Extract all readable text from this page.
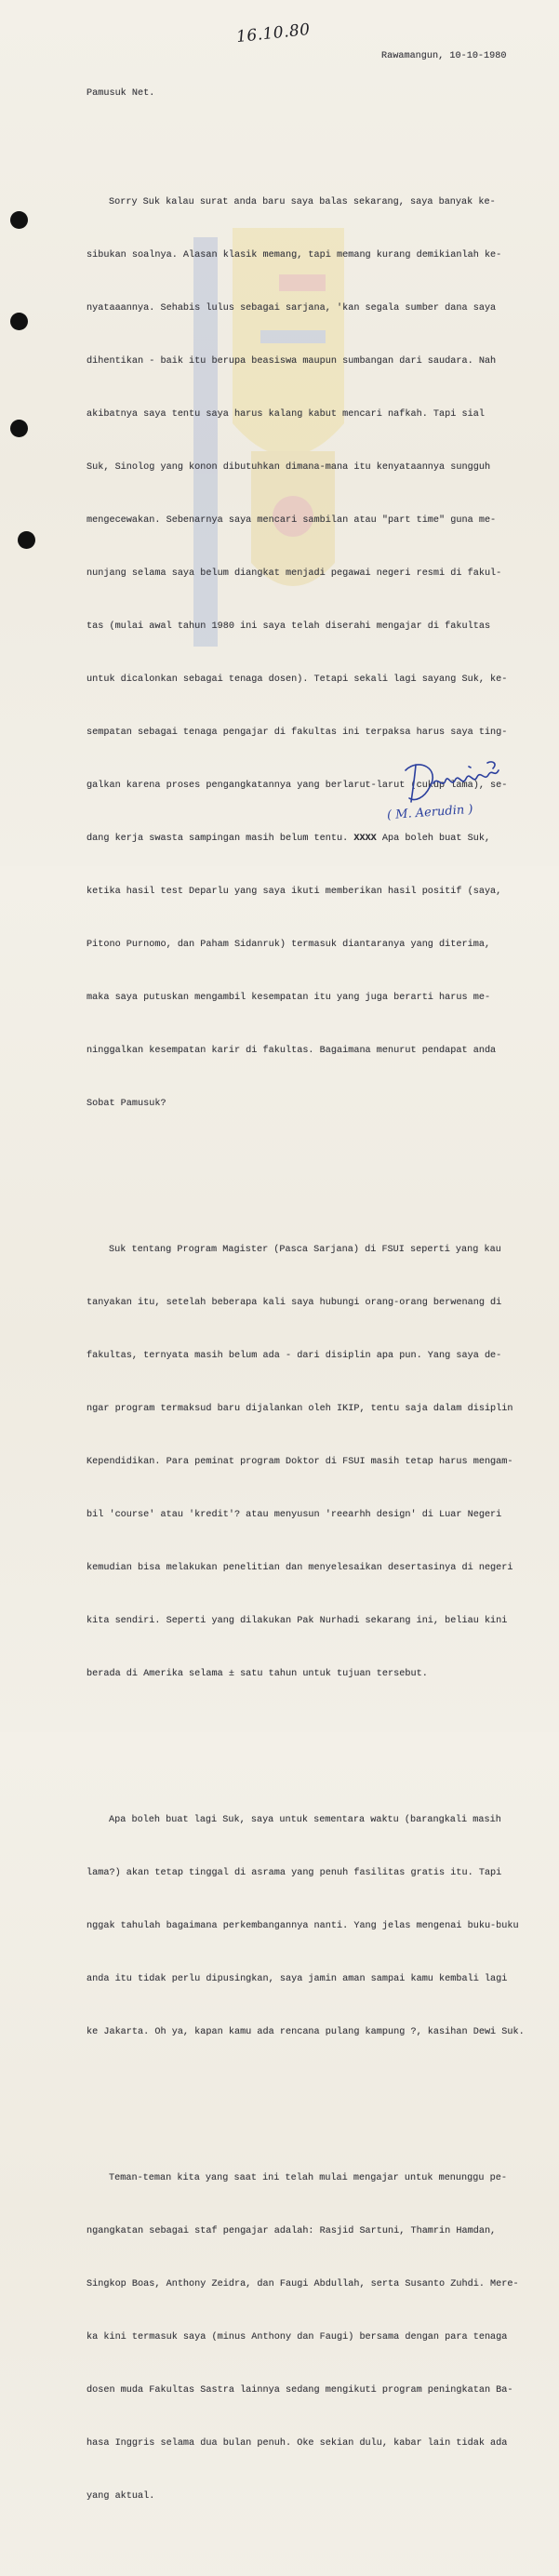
16.10.80
Rawamangun, 10-10-1980
Pamusuk Net.

Sorry Suk kalau surat anda baru saya balas sekarang, saya banyak ke-

sibukan soalnya. Alasan klasik memang, tapi memang kurang demikianlah ke-

nyataaannya. Sehabis lulus sebagai sarjana, 'kan segala sumber dana saya

dihentikan - baik itu berupa beasiswa maupun sumbangan dari saudara. Nah

akibatnya saya tentu saya harus kalang kabut mencari nafkah. Tapi sial

Suk, Sinolog yang konon dibutuhkan dimana-mana itu kenyataannya sungguh

mengecewakan. Sebenarnya saya mencari sambilan atau "part time" guna me-

nunjang selama saya belum diangkat menjadi pegawai negeri resmi di fakul-

tas (mulai awal tahun 1980 ini saya telah diserahi mengajar di fakultas

untuk dicalonkan sebagai tenaga dosen). Tetapi sekali lagi sayang Suk, ke-

sempatan sebagai tenaga pengajar di fakultas ini terpaksa harus saya ting-

galkan karena proses pengangkatannya yang berlarut-larut (cukup lama), se-

dang kerja swasta sampingan masih belum tentu. XXXX Apa boleh buat Suk,

ketika hasil test Deparlu yang saya ikuti memberikan hasil positif (saya,

Pitono Purnomo, dan Paham Sidanruk) termasuk diantaranya yang diterima,

maka saya putuskan mengambil kesempatan itu yang juga berarti harus me-

ninggalkan kesempatan karir di fakultas. Bagaimana menurut pendapat anda

Sobat Pamusuk?

Suk tentang Program Magister (Pasca Sarjana) di FSUI seperti yang kau

tanyakan itu, setelah beberapa kali saya hubungi orang-orang berwenang di

fakultas, ternyata masih belum ada - dari disiplin apa pun. Yang saya de-

ngar program termaksud baru dijalankan oleh IKIP, tentu saja dalam disiplin

Kependidikan. Para peminat program Doktor di FSUI masih tetap harus mengam-

bil 'course' atau 'kredit'? atau menyusun 'reearhh design' di Luar Negeri

kemudian bisa melakukan penelitian dan menyelesaikan desertasinya di negeri

kita sendiri. Seperti yang dilakukan Pak Nurhadi sekarang ini, beliau kini

berada di Amerika selama ± satu tahun untuk tujuan tersebut.

Apa boleh buat lagi Suk, saya untuk sementara waktu (barangkali masih

lama?) akan tetap tinggal di asrama yang penuh fasilitas gratis itu. Tapi

nggak tahulah bagaimana perkembangannya nanti. Yang jelas mengenai buku-buku

anda itu tidak perlu dipusingkan, saya jamin aman sampai kamu kembali lagi

ke Jakarta. Oh ya, kapan kamu ada rencana pulang kampung ?, kasihan Dewi Suk.

Teman-teman kita yang saat ini telah mulai mengajar untuk menunggu pe-

ngangkatan sebagai staf pengajar adalah: Rasjid Sartuni, Thamrin Hamdan,

Singkop Boas, Anthony Zeidra, dan Faugi Abdullah, serta Susanto Zuhdi. Mere-

ka kini termasuk saya (minus Anthony dan Faugi) bersama dengan para tenaga

dosen muda Fakultas Sastra lainnya sedang mengikuti program peningkatan Ba-

hasa Inggris selama dua bulan penuh. Oke sekian dulu, kabar lain tidak ada

yang aktual.

( M. Aerudin )
